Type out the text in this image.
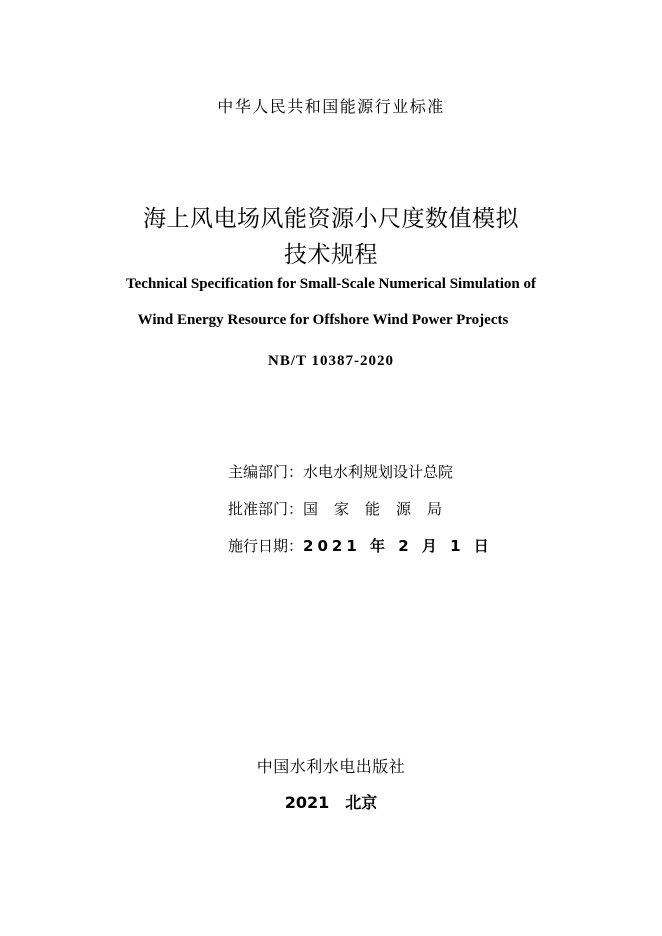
中华人民共和国能源行业标准
海上风电场风能资源小尺度数值模拟
技术规程
Technical Specification for Small-Scale Numerical Simulation of
Wind Energy Resource for Offshore Wind Power Projects
NB/T 10387-2020
主编部门：水电水利规划设计总院
批准部门：国家能源局
施行日期：2021 年 2 月 1 日
中国水利水电出版社
2021 北京
